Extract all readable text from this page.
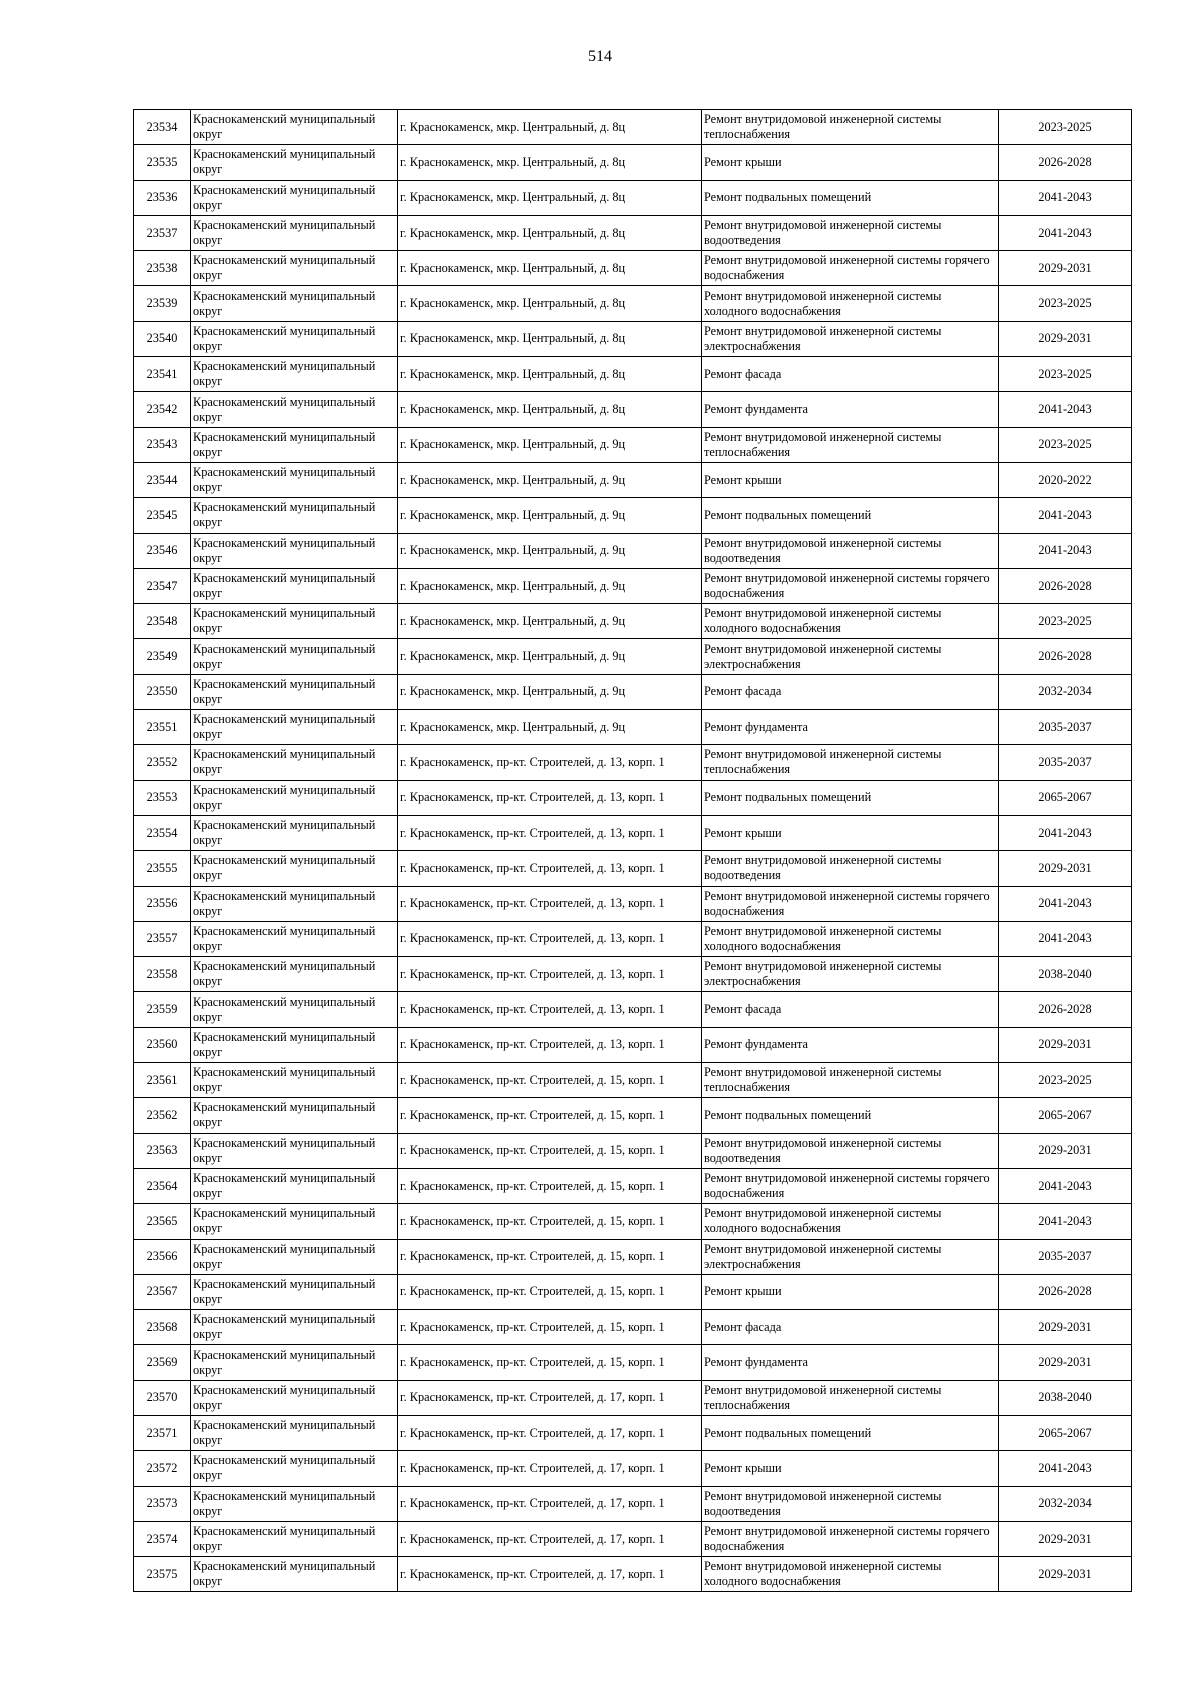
514
23534	Краснокаменский муниципальный округ	г. Краснокаменск, мкр. Центральный, д. 8ц	Ремонт внутридомовой инженерной системы теплоснабжения	2023-2025
23535	Краснокаменский муниципальный округ	г. Краснокаменск, мкр. Центральный, д. 8ц	Ремонт крыши	2026-2028
23536	Краснокаменский муниципальный округ	г. Краснокаменск, мкр. Центральный, д. 8ц	Ремонт подвальных помещений	2041-2043
23537	Краснокаменский муниципальный округ	г. Краснокаменск, мкр. Центральный, д. 8ц	Ремонт внутридомовой инженерной системы водоотведения	2041-2043
23538	Краснокаменский муниципальный округ	г. Краснокаменск, мкр. Центральный, д. 8ц	Ремонт внутридомовой инженерной системы горячего водоснабжения	2029-2031
23539	Краснокаменский муниципальный округ	г. Краснокаменск, мкр. Центральный, д. 8ц	Ремонт внутридомовой инженерной системы холодного водоснабжения	2023-2025
23540	Краснокаменский муниципальный округ	г. Краснокаменск, мкр. Центральный, д. 8ц	Ремонт внутридомовой инженерной системы электроснабжения	2029-2031
23541	Краснокаменский муниципальный округ	г. Краснокаменск, мкр. Центральный, д. 8ц	Ремонт фасада	2023-2025
23542	Краснокаменский муниципальный округ	г. Краснокаменск, мкр. Центральный, д. 8ц	Ремонт фундамента	2041-2043
23543	Краснокаменский муниципальный округ	г. Краснокаменск, мкр. Центральный, д. 9ц	Ремонт внутридомовой инженерной системы теплоснабжения	2023-2025
23544	Краснокаменский муниципальный округ	г. Краснокаменск, мкр. Центральный, д. 9ц	Ремонт крыши	2020-2022
23545	Краснокаменский муниципальный округ	г. Краснокаменск, мкр. Центральный, д. 9ц	Ремонт подвальных помещений	2041-2043
23546	Краснокаменский муниципальный округ	г. Краснокаменск, мкр. Центральный, д. 9ц	Ремонт внутридомовой инженерной системы водоотведения	2041-2043
23547	Краснокаменский муниципальный округ	г. Краснокаменск, мкр. Центральный, д. 9ц	Ремонт внутридомовой инженерной системы горячего водоснабжения	2026-2028
23548	Краснокаменский муниципальный округ	г. Краснокаменск, мкр. Центральный, д. 9ц	Ремонт внутридомовой инженерной системы холодного водоснабжения	2023-2025
23549	Краснокаменский муниципальный округ	г. Краснокаменск, мкр. Центральный, д. 9ц	Ремонт внутридомовой инженерной системы электроснабжения	2026-2028
23550	Краснокаменский муниципальный округ	г. Краснокаменск, мкр. Центральный, д. 9ц	Ремонт фасада	2032-2034
23551	Краснокаменский муниципальный округ	г. Краснокаменск, мкр. Центральный, д. 9ц	Ремонт фундамента	2035-2037
23552	Краснокаменский муниципальный округ	г. Краснокаменск, пр-кт. Строителей, д. 13, корп. 1	Ремонт внутридомовой инженерной системы теплоснабжения	2035-2037
23553	Краснокаменский муниципальный округ	г. Краснокаменск, пр-кт. Строителей, д. 13, корп. 1	Ремонт подвальных помещений	2065-2067
23554	Краснокаменский муниципальный округ	г. Краснокаменск, пр-кт. Строителей, д. 13, корп. 1	Ремонт крыши	2041-2043
23555	Краснокаменский муниципальный округ	г. Краснокаменск, пр-кт. Строителей, д. 13, корп. 1	Ремонт внутридомовой инженерной системы водоотведения	2029-2031
23556	Краснокаменский муниципальный округ	г. Краснокаменск, пр-кт. Строителей, д. 13, корп. 1	Ремонт внутридомовой инженерной системы горячего водоснабжения	2041-2043
23557	Краснокаменский муниципальный округ	г. Краснокаменск, пр-кт. Строителей, д. 13, корп. 1	Ремонт внутридомовой инженерной системы холодного водоснабжения	2041-2043
23558	Краснокаменский муниципальный округ	г. Краснокаменск, пр-кт. Строителей, д. 13, корп. 1	Ремонт внутридомовой инженерной системы электроснабжения	2038-2040
23559	Краснокаменский муниципальный округ	г. Краснокаменск, пр-кт. Строителей, д. 13, корп. 1	Ремонт фасада	2026-2028
23560	Краснокаменский муниципальный округ	г. Краснокаменск, пр-кт. Строителей, д. 13, корп. 1	Ремонт фундамента	2029-2031
23561	Краснокаменский муниципальный округ	г. Краснокаменск, пр-кт. Строителей, д. 15, корп. 1	Ремонт внутридомовой инженерной системы теплоснабжения	2023-2025
23562	Краснокаменский муниципальный округ	г. Краснокаменск, пр-кт. Строителей, д. 15, корп. 1	Ремонт подвальных помещений	2065-2067
23563	Краснокаменский муниципальный округ	г. Краснокаменск, пр-кт. Строителей, д. 15, корп. 1	Ремонт внутридомовой инженерной системы водоотведения	2029-2031
23564	Краснокаменский муниципальный округ	г. Краснокаменск, пр-кт. Строителей, д. 15, корп. 1	Ремонт внутридомовой инженерной системы горячего водоснабжения	2041-2043
23565	Краснокаменский муниципальный округ	г. Краснокаменск, пр-кт. Строителей, д. 15, корп. 1	Ремонт внутридомовой инженерной системы холодного водоснабжения	2041-2043
23566	Краснокаменский муниципальный округ	г. Краснокаменск, пр-кт. Строителей, д. 15, корп. 1	Ремонт внутридомовой инженерной системы электроснабжения	2035-2037
23567	Краснокаменский муниципальный округ	г. Краснокаменск, пр-кт. Строителей, д. 15, корп. 1	Ремонт крыши	2026-2028
23568	Краснокаменский муниципальный округ	г. Краснокаменск, пр-кт. Строителей, д. 15, корп. 1	Ремонт фасада	2029-2031
23569	Краснокаменский муниципальный округ	г. Краснокаменск, пр-кт. Строителей, д. 15, корп. 1	Ремонт фундамента	2029-2031
23570	Краснокаменский муниципальный округ	г. Краснокаменск, пр-кт. Строителей, д. 17, корп. 1	Ремонт внутридомовой инженерной системы теплоснабжения	2038-2040
23571	Краснокаменский муниципальный округ	г. Краснокаменск, пр-кт. Строителей, д. 17, корп. 1	Ремонт подвальных помещений	2065-2067
23572	Краснокаменский муниципальный округ	г. Краснокаменск, пр-кт. Строителей, д. 17, корп. 1	Ремонт крыши	2041-2043
23573	Краснокаменский муниципальный округ	г. Краснокаменск, пр-кт. Строителей, д. 17, корп. 1	Ремонт внутридомовой инженерной системы водоотведения	2032-2034
23574	Краснокаменский муниципальный округ	г. Краснокаменск, пр-кт. Строителей, д. 17, корп. 1	Ремонт внутридомовой инженерной системы горячего водоснабжения	2029-2031
23575	Краснокаменский муниципальный округ	г. Краснокаменск, пр-кт. Строителей, д. 17, корп. 1	Ремонт внутридомовой инженерной системы холодного водоснабжения	2029-2031
